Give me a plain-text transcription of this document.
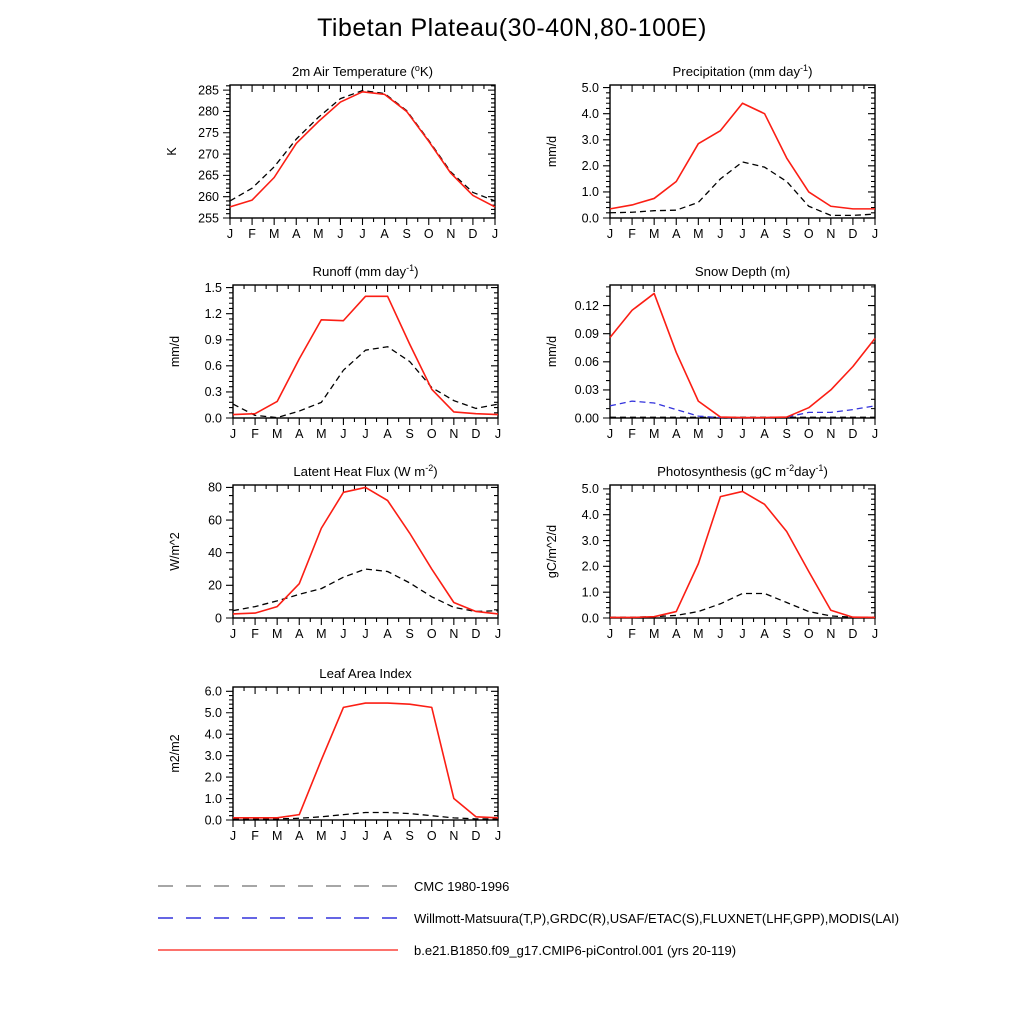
Tibetan Plateau(30-40N,80-100E)
255
260
265
270
275
280
285
J F M A M J J A S O N D J
K
2m Air Temperature ($^o$K)
0.0
1.0
2.0
3.0
4.0
5.0
J F M A M J J A S O N D J
mm/d
Precipitation (mm day$^{-1}$)
0.0
0.3
0.6
0.9
1.2
1.5
J F M A M J J A S O N D J
mm/d
Runoff (mm day$^{-1}$)
0.00
0.03
0.06
0.09
0.12
J F M A M J J A S O N D J
mm/d
Snow Depth (m)
0
20
40
60
80
J F M A M J J A S O N D J
W/m^2
Latent Heat Flux (W $m^{-2}$)
0.0
1.0
2.0
3.0
4.0
5.0
J F M A M J J A S O N D J
gC/m^2/d
Photosynthesis (gC $m^{-2}day^{-1}$)
0.0
1.0
2.0
3.0
4.0
5.0
6.0
J F M A M J J A S O N D J
m2/m2
Leaf Area Index
CMC 1980-1996
Willmott-Matsuura(T,P),GRDC(R),USAF/ETAC(S),FLUXNET(LHF,GPP),MODIS(LAI)
b.e21.B1850.f09_g17.CMIP6-piControl.001 (yrs 20-119)
